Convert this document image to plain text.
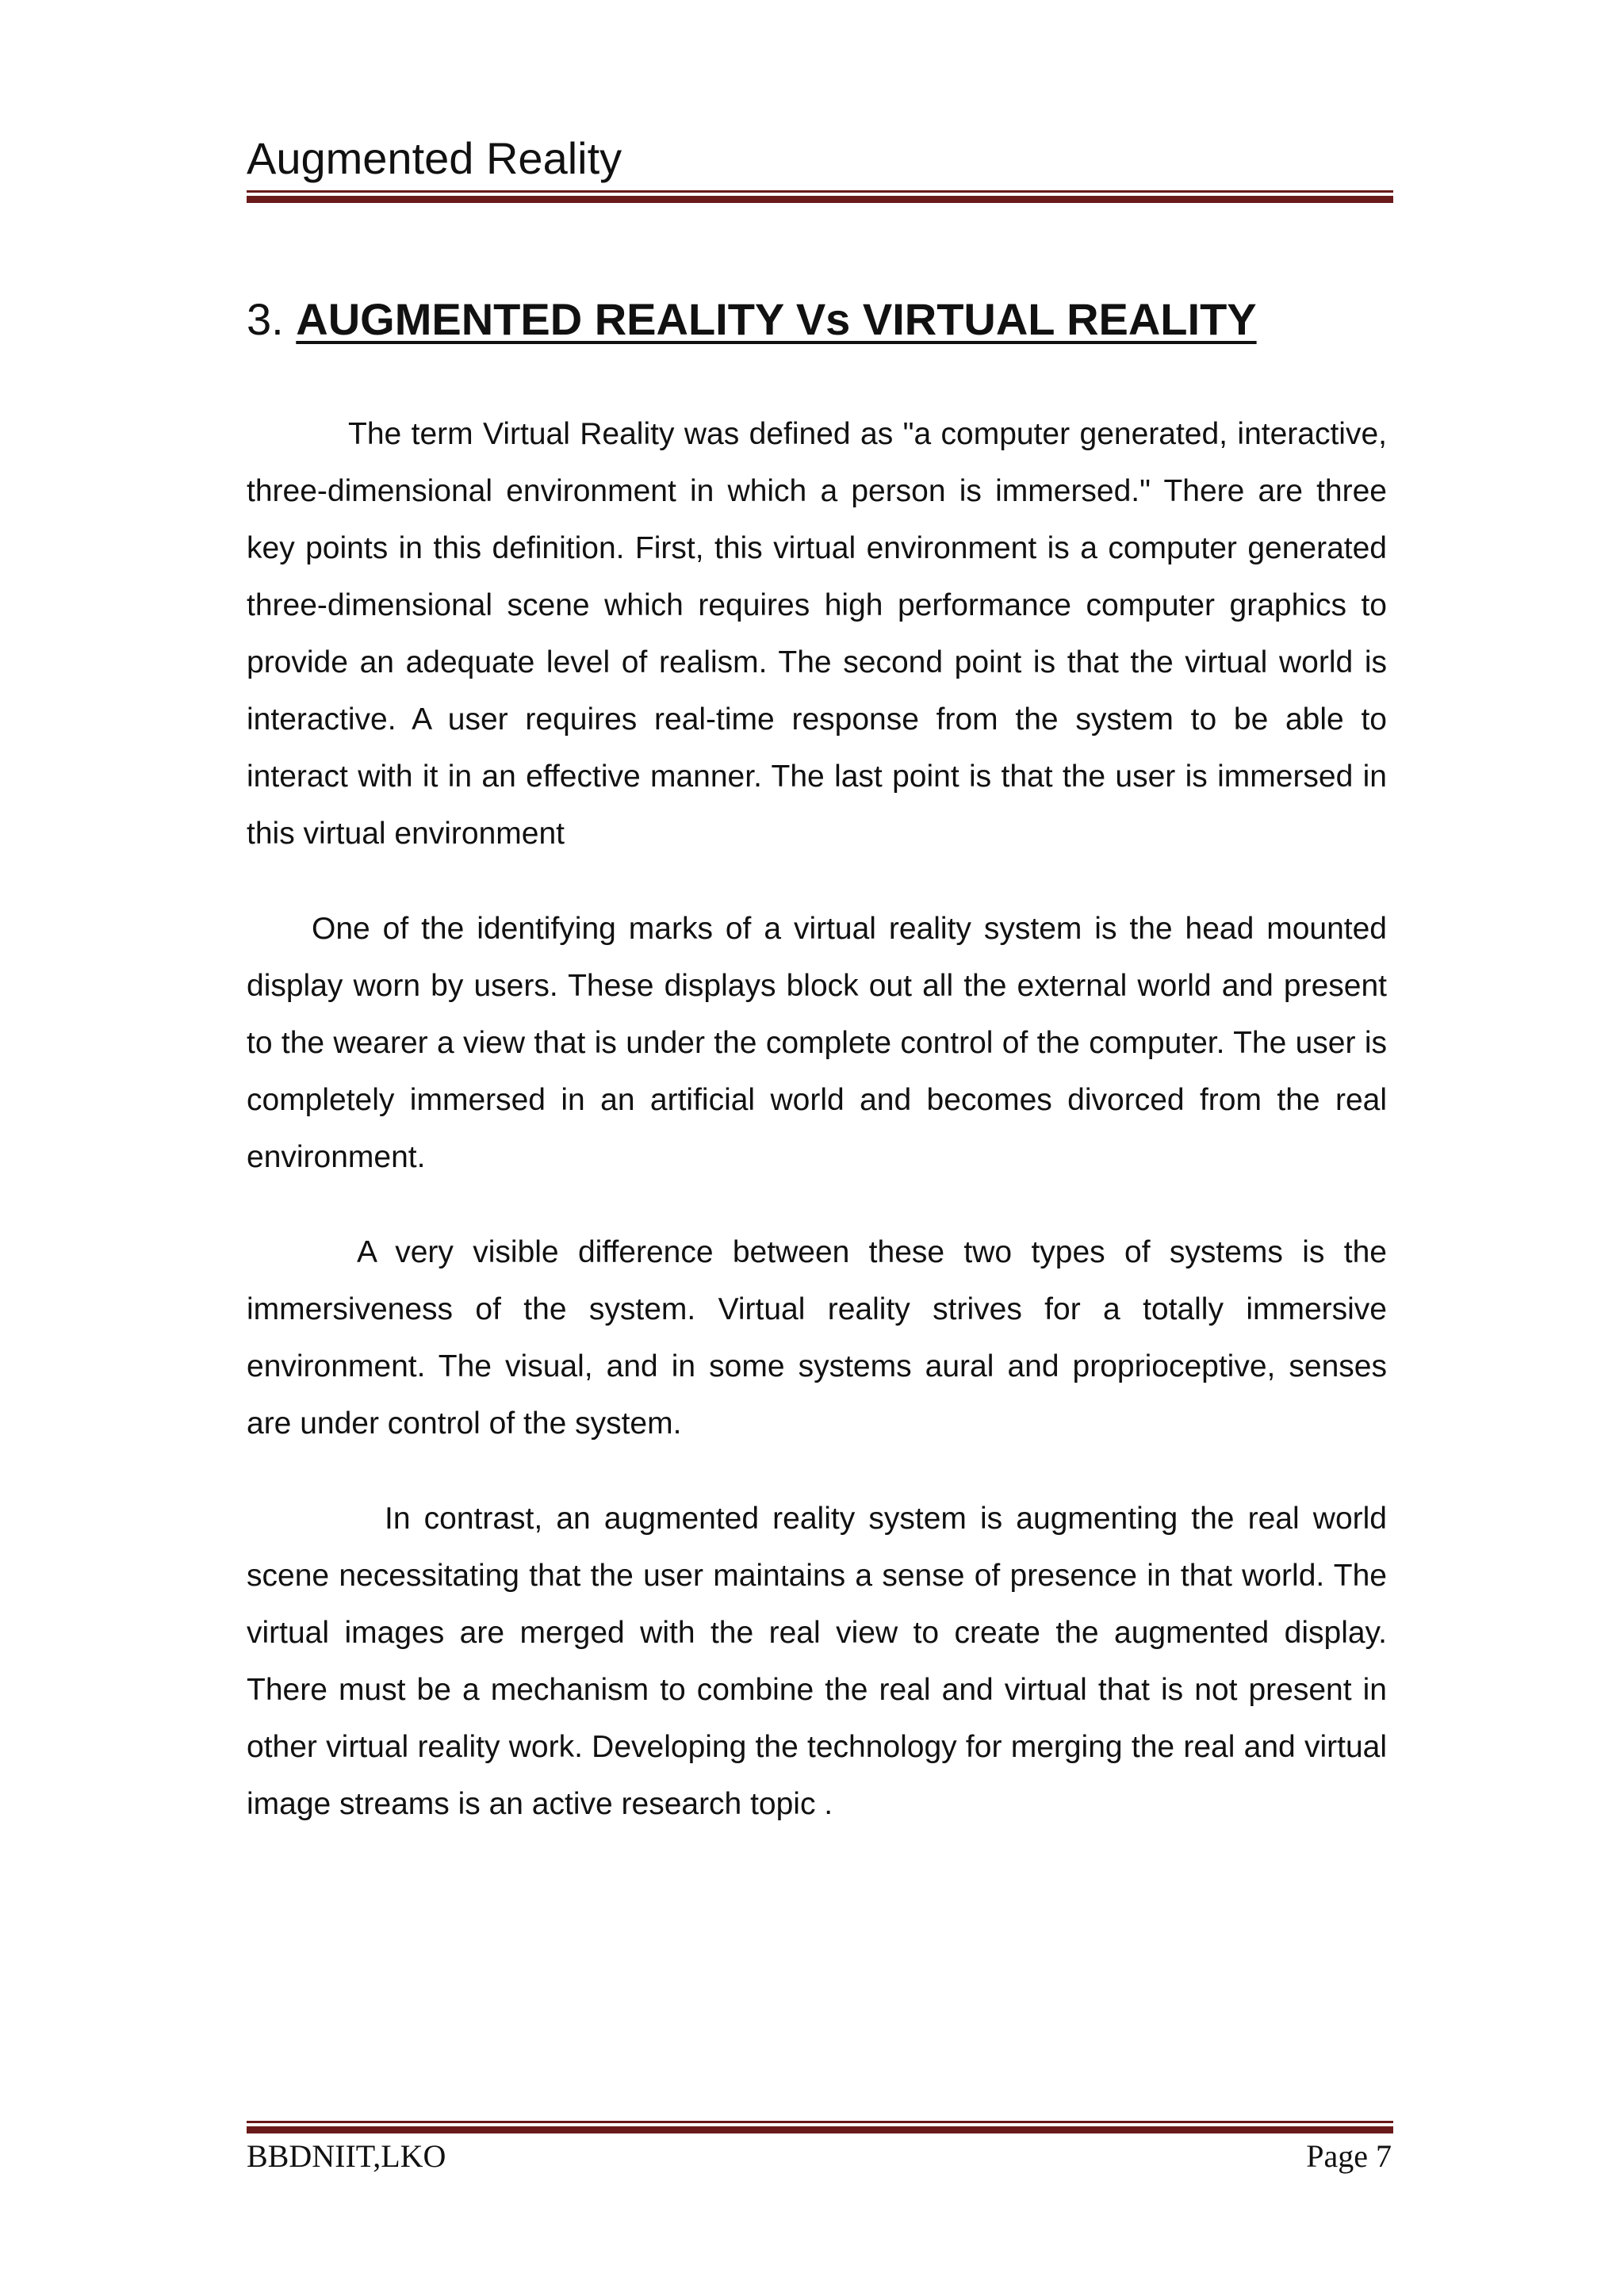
Augmented Reality
3. AUGMENTED REALITY Vs VIRTUAL REALITY

The term Virtual Reality was defined as "a computer generated, interactive, three-dimensional environment in which a person is immersed." There are three key points in this definition. First, this virtual environment is a computer generated three-dimensional scene which requires high performance computer graphics to provide an adequate level of realism. The second point is that the virtual world is interactive. A user requires real-time response from the system to be able to interact with it in an effective manner. The last point is that the user is immersed in this virtual environment

One of the identifying marks of a virtual reality system is the head mounted display worn by users. These displays block out all the external world and present to the wearer a view that is under the complete control of the computer. The user is completely immersed in an artificial world and becomes divorced from the real environment.

A very visible difference between these two types of systems is the immersiveness of the system. Virtual reality strives for a totally immersive environment. The visual, and in some systems aural and proprioceptive, senses are under control of the system.

In contrast, an augmented reality system is augmenting the real world scene necessitating that the user maintains a sense of presence in that world. The virtual images are merged with the real view to create the augmented display. There must be a mechanism to combine the real and virtual that is not present in other virtual reality work. Developing the technology for merging the real and virtual image streams is an active research topic .

BBDNIIT,LKO	Page 7
